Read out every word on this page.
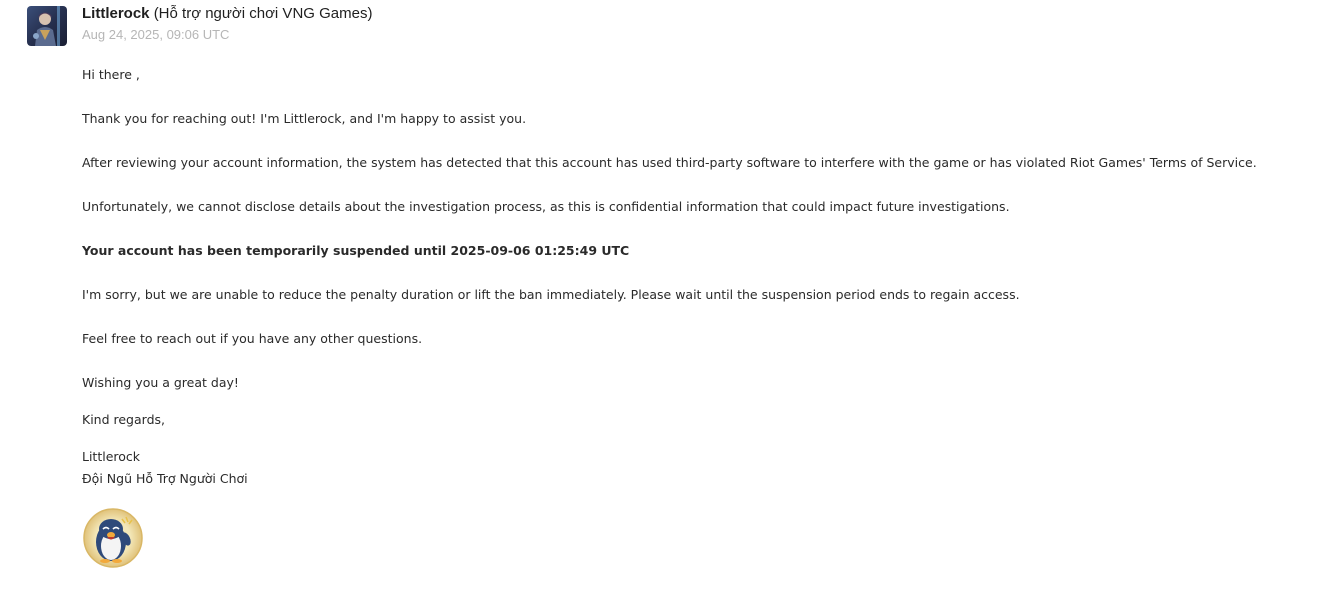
Littlerock (Hỗ trợ người chơi VNG Games)
Aug 24, 2025, 09:06 UTC
Hi there ,
Thank you for reaching out! I'm Littlerock, and I'm happy to assist you.
After reviewing your account information, the system has detected that this account has used third-party software to interfere with the game or has violated Riot Games' Terms of Service.
Unfortunately, we cannot disclose details about the investigation process, as this is confidential information that could impact future investigations.
Your account has been temporarily suspended until 2025-09-06 01:25:49 UTC
I'm sorry, but we are unable to reduce the penalty duration or lift the ban immediately. Please wait until the suspension period ends to regain access.
Feel free to reach out if you have any other questions.
Wishing you a great day!
Kind regards,
Littlerock
Đội Ngũ Hỗ Trợ Người Chơi
